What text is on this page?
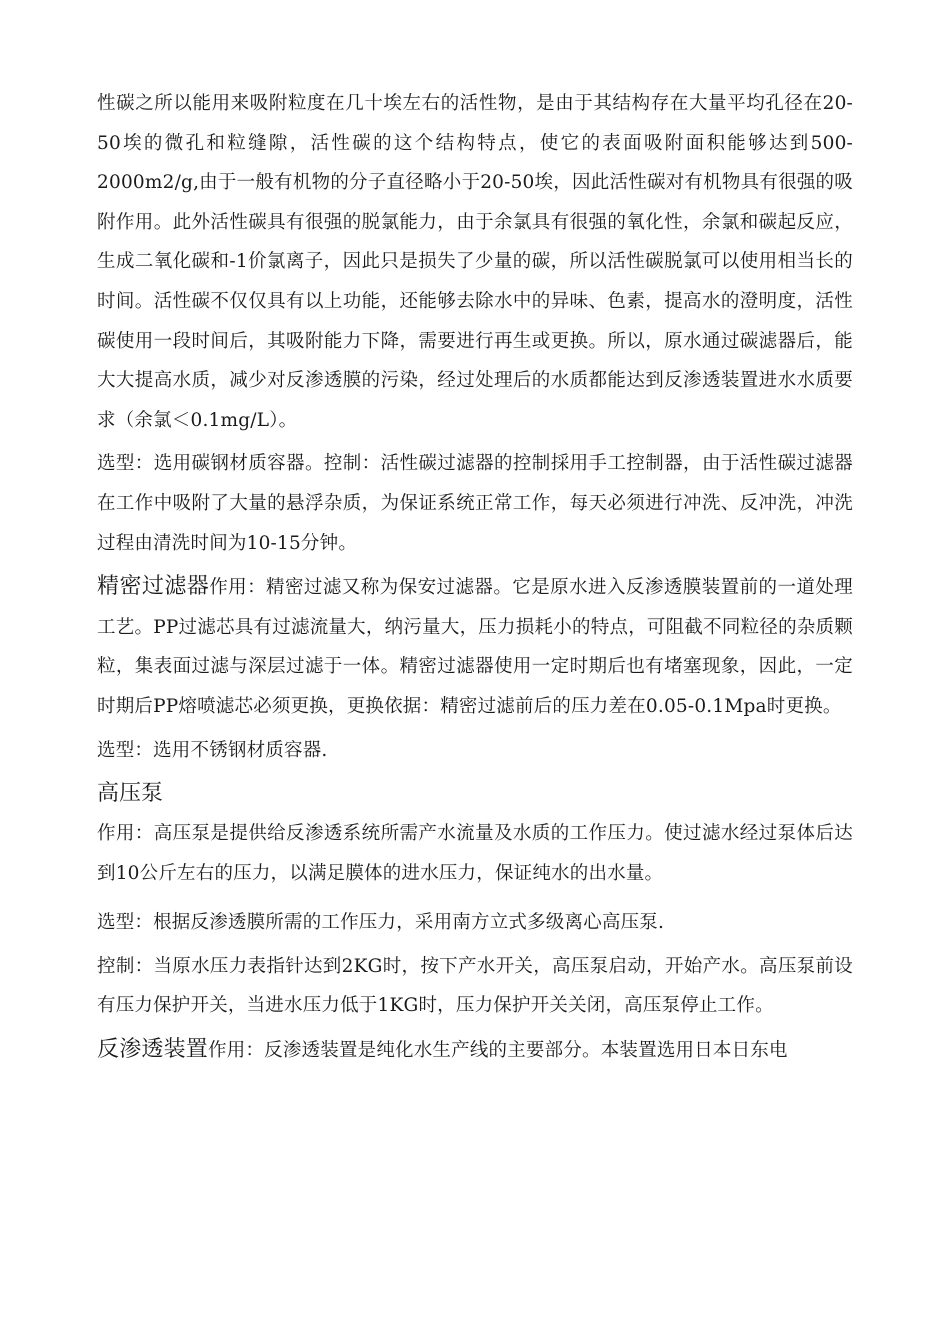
性碳之所以能用来吸附粒度在几十埃左右的活性物，是由于其结构存在大量平均孔径在20-50埃的微孔和粒缝隙，活性碳的这个结构特点，使它的表面吸附面积能够达到500-2000m2/g,由于一般有机物的分子直径略小于20-50埃，因此活性碳对有机物具有很强的吸附作用。此外活性碳具有很强的脱氯能力，由于余氯具有很强的氧化性，余氯和碳起反应，生成二氧化碳和-1价氯离子，因此只是损失了少量的碳，所以活性碳脱氯可以使用相当长的时间。活性碳不仅仅具有以上功能，还能够去除水中的异味、色素，提高水的澄明度，活性碳使用一段时间后，其吸附能力下降，需要进行再生或更换。所以，原水通过碳滤器后，能大大提高水质，减少对反渗透膜的污染，经过处理后的水质都能达到反渗透装置进水水质要求（余氯＜0.1mg/L）。

选型：选用碳钢材质容器。控制：活性碳过滤器的控制採用手工控制器，由于活性碳过滤器在工作中吸附了大量的悬浮杂质，为保证系统正常工作，每天必须进行冲洗、反冲洗，冲洗过程由清洗时间为10-15分钟。

精密过滤器作用：精密过滤又称为保安过滤器。它是原水进入反渗透膜装置前的一道处理工艺。PP过滤芯具有过滤流量大，纳污量大，压力损耗小的特点，可阻截不同粒径的杂质颗粒，集表面过滤与深层过滤于一体。精密过滤器使用一定时期后也有堵塞现象，因此，一定时期后PP熔喷滤芯必须更换，更换依据：精密过滤前后的压力差在0.05-0.1Mpa时更换。

选型：选用不锈钢材质容器.

高压泵

作用：高压泵是提供给反渗透系统所需产水流量及水质的工作压力。使过滤水经过泵体后达到10公斤左右的压力，以满足膜体的进水压力，保证纯水的出水量。

选型：根据反渗透膜所需的工作压力，采用南方立式多级离心高压泵.

控制：当原水压力表指针达到2KG时，按下产水开关，高压泵启动，开始产水。高压泵前设有压力保护开关，当进水压力低于1KG时，压力保护开关关闭，高压泵停止工作。

反渗透装置作用：反渗透装置是纯化水生产线的主要部分。本装置选用日本日东电
